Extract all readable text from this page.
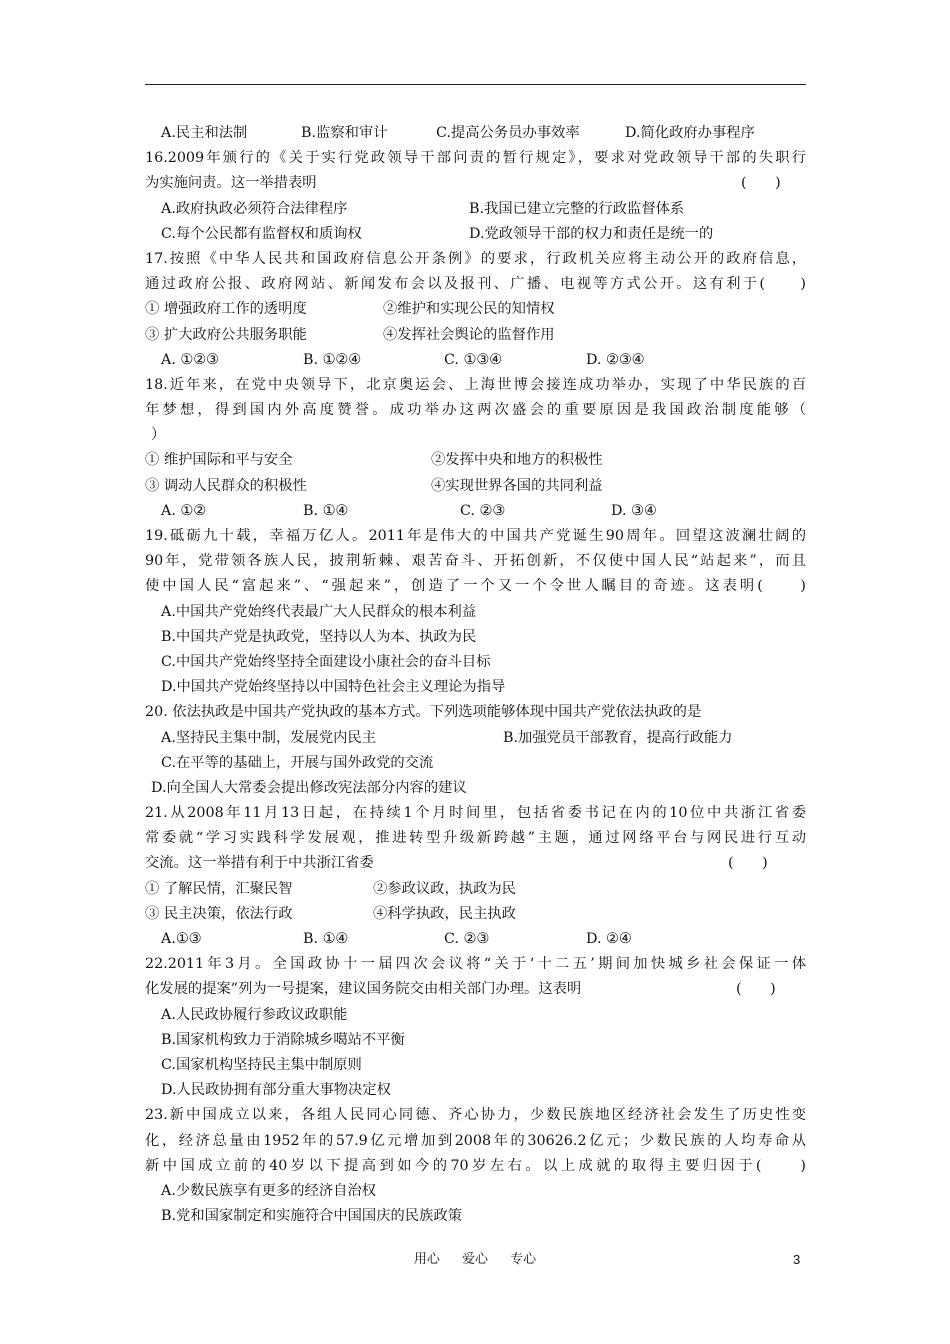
A.民主和法制	B.监察和审计	C.提高公务员办事效率	D.简化政府办事程序
16.2009年颁行的《关于实行党政领导干部问责的暂行规定》，要求对党政领导干部的失职行
为实施问责。这一举措表明	(　　)
A.政府执政必须符合法律程序	B.我国已建立完整的行政监督体系
C.每个公民都有监督权和质询权	D.党政领导干部的权力和责任是统一的
17.按照《中华人民共和国政府信息公开条例》的要求，行政机关应将主动公开的政府信息，
通过政府公报、政府网站、新闻发布会以及报刊、广播、电视等方式公开。这有利于(　　)
① 增强政府工作的透明度	②维护和实现公民的知情权
③ 扩大政府公共服务职能	④发挥社会舆论的监督作用
A. ①②③	B. ①②④	C. ①③④	D. ②③④
18.近年来，在党中央领导下，北京奥运会、上海世博会接连成功举办，实现了中华民族的百
年梦想，得到国内外高度赞誉。成功举办这两次盛会的重要原因是我国政治制度能够（
）
① 维护国际和平与安全	②发挥中央和地方的积极性
③ 调动人民群众的积极性	④实现世界各国的共同利益
A. ①②	B. ①④	C. ②③	D. ③④
19.砥砺九十载，幸福万亿人。2011年是伟大的中国共产党诞生90周年。回望这波澜壮阔的
90年，党带领各族人民，披荆斩棘、艰苦奋斗、开拓创新，不仅使中国人民“站起来”，而且
使中国人民“富起来”、“强起来”，创造了一个又一个令世人瞩目的奇迹。这表明(　　)
A.中国共产党始终代表最广大人民群众的根本利益
B.中国共产党是执政党，坚持以人为本、执政为民
C.中国共产党始终坚持全面建设小康社会的奋斗目标
D.中国共产党始终坚持以中国特色社会主义理论为指导
20. 依法执政是中国共产党执政的基本方式。下列选项能够体现中国共产党依法执政的是
A.坚持民主集中制，发展党内民主	B.加强党员干部教育，提高行政能力
C.在平等的基础上，开展与国外政党的交流
D.向全国人大常委会提出修改宪法部分内容的建议
21.从2008年11月13日起，在持续1个月时间里，包括省委书记在内的10位中共浙江省委
常委就“学习实践科学发展观，推进转型升级新跨越”主题，通过网络平台与网民进行互动
交流。这一举措有利于中共浙江省委	(　　)
① 了解民情，汇聚民智	②参政议政，执政为民
③ 民主决策，依法行政	④科学执政，民主执政
A.①③	B. ①④	C. ②③	D. ②④
22.2011年3月。全国政协十一届四次会议将“关于‘十二五’期间加快城乡社会保证一体
化发展的提案”列为一号提案，建议国务院交由相关部门办理。这表明	(　　)
A.人民政协履行参政议政职能
B.国家机构致力于消除城乡噶站不平衡
C.国家机构坚持民主集中制原则
D.人民政协拥有部分重大事物决定权
23.新中国成立以来，各组人民同心同德、齐心协力，少数民族地区经济社会发生了历史性变
化，经济总量由1952年的57.9亿元增加到2008年的30626.2亿元；少数民族的人均寿命从
新中国成立前的40岁以下提高到如今的70岁左右。以上成就的取得主要归因于(　　)
A.少数民族享有更多的经济自治权
B.党和国家制定和实施符合中国国庆的民族政策
用心 爱心 专心	3
